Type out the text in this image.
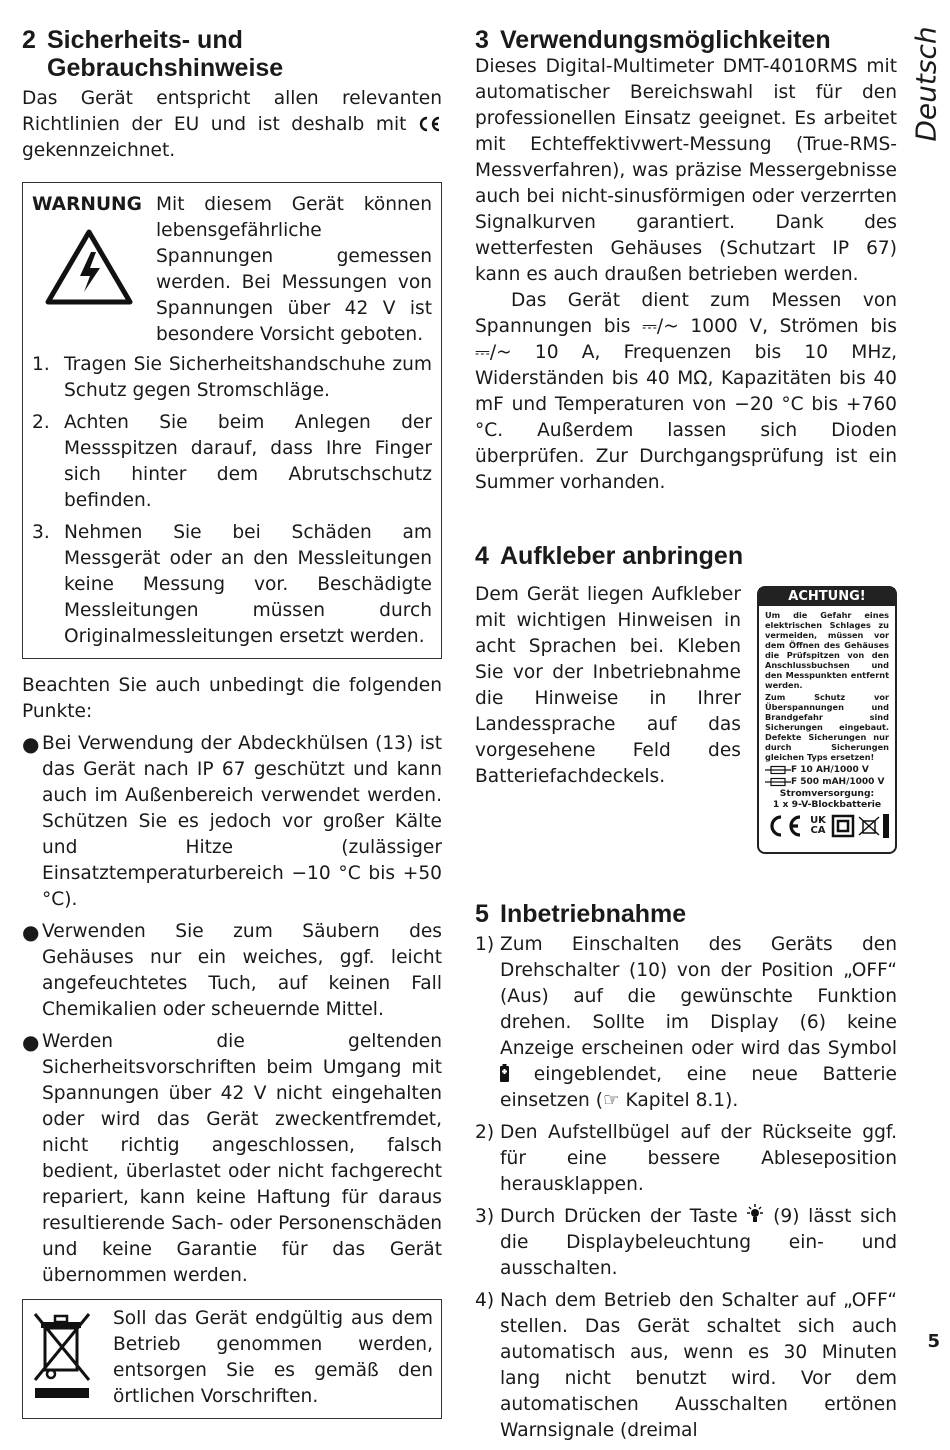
Deutsch
2 Sicherheits- und
Gebrauchshinweise

Das Gerät entspricht allen relevanten Richtlinien der EU und ist deshalb mit  gekennzeichnet.

WARNUNG Mit diesem Gerät können lebensgefährliche Spannungen gemessen werden. Bei Messungen von Spannungen über 42 V ist besondere Vorsicht geboten.
1. Tragen Sie Sicherheitshandschuhe zum Schutz gegen Stromschläge.
2. Achten Sie beim Anlegen der Messspitzen darauf, dass Ihre Finger sich hinter dem Abrutschschutz befinden.
3. Nehmen Sie bei Schäden am Messgerät oder an den Messleitungen keine Messung vor. Beschädigte Messleitungen müssen durch Originalmessleitungen ersetzt werden.

Beachten Sie auch unbedingt die folgenden Punkte:

● Bei Verwendung der Abdeckhülsen (13) ist das Gerät nach IP 67 geschützt und kann auch im Außenbereich verwendet werden. Schützen Sie es jedoch vor großer Kälte und Hitze (zulässiger Einsatztemperaturbereich −10 °C bis +50 °C).
● Verwenden Sie zum Säubern des Gehäuses nur ein weiches, ggf. leicht angefeuchtetes Tuch, auf keinen Fall Chemikalien oder scheuernde Mittel.
● Werden die geltenden Sicherheitsvorschriften beim Umgang mit Spannungen über 42 V nicht eingehalten oder wird das Gerät zweckentfremdet, nicht richtig angeschlossen, falsch bedient, überlastet oder nicht fachgerecht repariert, kann keine Haftung für daraus resultierende Sach- oder Personenschäden und keine Garantie für das Gerät übernommen werden.
Soll das Gerät endgültig aus dem Betrieb genommen werden, entsorgen Sie es gemäß den örtlichen Vorschriften.
3 Verwendungsmöglichkeiten

Dieses Digital-Multimeter DMT-4010RMS mit automatischer Bereichswahl ist für den professionellen Einsatz geeignet. Es arbeitet mit Echteffektivwert-Messung (True-RMS-Messverfahren), was präzise Messergebnisse auch bei nicht-sinusförmigen oder verzerrten Signalkurven garantiert. Dank des wetterfesten Gehäuses (Schutzart IP 67) kann es auch draußen betrieben werden.

Das Gerät dient zum Messen von Spannungen bis ⎓/~ 1000 V, Strömen bis ⎓/~ 10 A, Frequenzen bis 10 MHz, Widerständen bis 40 MΩ, Kapazitäten bis 40 mF und Temperaturen von −20 °C bis +760 °C. Außerdem lassen sich Dioden überprüfen. Zur Durchgangsprüfung ist ein Summer vorhanden.

4 Aufkleber anbringen

Dem Gerät liegen Aufkleber mit wichtigen Hinweisen in acht Sprachen bei. Kleben Sie vor der Inbetriebnahme die Hinweise in Ihrer Landessprache auf das vorgesehene Feld des Batteriefachdeckels.

ACHTUNG!
Um die Gefahr eines elektrischen Schlages zu vermeiden, müssen vor dem Öffnen des Gehäuses die Prüfspitzen von den Anschlussbuchsen und den Messpunkten entfernt werden.
Zum Schutz vor Überspannungen und Brandgefahr sind Sicherungen eingebaut. Defekte Sicherungen nur durch Sicherungen gleichen Typs ersetzen!
F 10 AH/1000 V
F 500 mAH/1000 V
Stromversorgung:
1 x 9-V-Blockbatterie
UK
CA
5 Inbetriebnahme
1) Zum Einschalten des Geräts den Drehschalter (10) von der Position „OFF“ (Aus) auf die gewünschte Funktion drehen. Sollte im Display (6) keine Anzeige erscheinen oder wird das Symbol  eingeblendet, eine neue Batterie einsetzen (☞ Kapitel 8.1).
2) Den Aufstellbügel auf der Rückseite ggf. für eine bessere Ableseposition herausklappen.
3) Durch Drücken der Taste (9) lässt sich die Displaybeleuchtung ein- und ausschalten.
4) Nach dem Betrieb den Schalter auf „OFF“ stellen. Das Gerät schaltet sich auch automatisch aus, wenn es 30 Minuten lang nicht benutzt wird. Vor dem automatischen Ausschalten ertönen Warnsignale (dreimal
5
